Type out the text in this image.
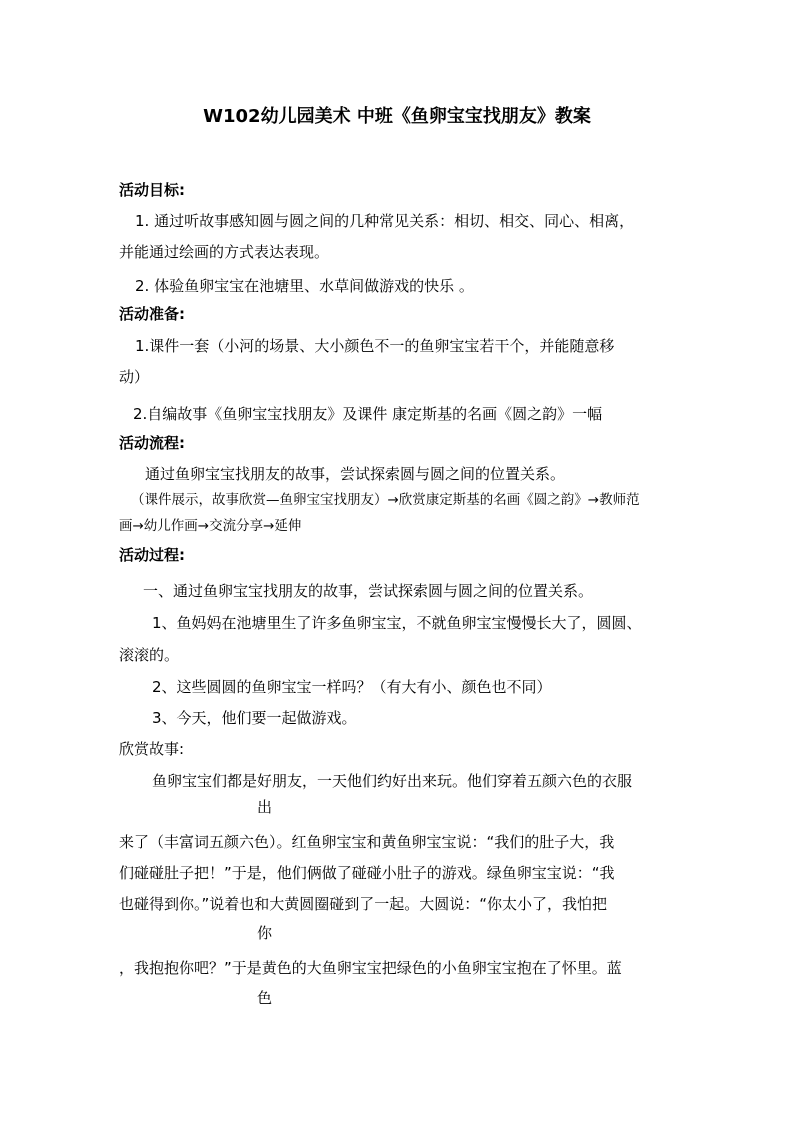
W102幼儿园美术 中班《鱼卵宝宝找朋友》教案
活动目标:
1. 通过听故事感知圆与圆之间的几种常见关系：相切、相交、同心、相离，
并能通过绘画的方式表达表现。
2. 体验鱼卵宝宝在池塘里、水草间做游戏的快乐 。
活动准备:
1.课件一套（小河的场景、大小颜色不一的鱼卵宝宝若干个，并能随意移
动）
2.自编故事《鱼卵宝宝找朋友》及课件 康定斯基的名画《圆之韵》一幅
活动流程:
通过鱼卵宝宝找朋友的故事，尝试探索圆与圆之间的位置关系。
（课件展示，故事欣赏—鱼卵宝宝找朋友）→欣赏康定斯基的名画《圆之韵》→教师范
画→幼儿作画→交流分享→延伸
活动过程:
一、通过鱼卵宝宝找朋友的故事，尝试探索圆与圆之间的位置关系。
1、鱼妈妈在池塘里生了许多鱼卵宝宝，不就鱼卵宝宝慢慢长大了，圆圆、
滚滚的。
2、这些圆圆的鱼卵宝宝一样吗？（有大有小、颜色也不同）
3、今天，他们要一起做游戏。
欣赏故事:
鱼卵宝宝们都是好朋友，一天他们约好出来玩。他们穿着五颜六色的衣服
出
来了（丰富词五颜六色）。红鱼卵宝宝和黄鱼卵宝宝说：“我们的肚子大，我
们碰碰肚子把！”于是，他们俩做了碰碰小肚子的游戏。绿鱼卵宝宝说：“我
也碰得到你。”说着也和大黄圆圈碰到了一起。大圆说：“你太小了，我怕把
你
，我抱抱你吧？”于是黄色的大鱼卵宝宝把绿色的小鱼卵宝宝抱在了怀里。蓝
色
